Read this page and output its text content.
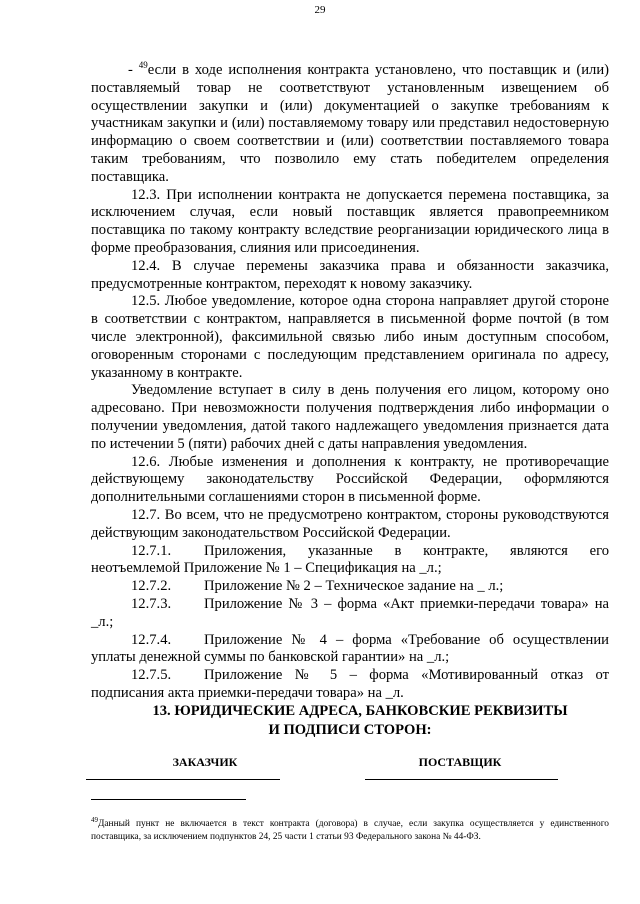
29

- $^{49}$если в ходе исполнения контракта установлено, что поставщик и (или) поставляемый товар не соответствуют установленным извещением об осуществлении закупки и (или) документацией о закупке требованиям к участникам закупки и (или) поставляемому товару или представил недостоверную информацию о своем соответствии и (или) соответствии поставляемого товара таким требованиям, что позволило ему стать победителем определения поставщика.

12.3. При исполнении контракта не допускается перемена поставщика, за исключением случая, если новый поставщик является правопреемником поставщика по такому контракту вследствие реорганизации юридического лица в форме преобразования, слияния или присоединения.

12.4. В случае перемены заказчика права и обязанности заказчика, предусмотренные контрактом, переходят к новому заказчику.

12.5. Любое уведомление, которое одна сторона направляет другой стороне в соответствии с контрактом, направляется в письменной форме почтой (в том числе электронной), факсимильной связью либо иным доступным способом, оговоренным сторонами с последующим представлением оригинала по адресу, указанному в контракте.

Уведомление вступает в силу в день получения его лицом, которому оно адресовано. При невозможности получения подтверждения либо информации о получении уведомления, датой такого надлежащего уведомления признается дата по истечении 5 (пяти) рабочих дней с даты направления уведомления.

12.6. Любые изменения и дополнения к контракту, не противоречащие действующему законодательству Российской Федерации, оформляются дополнительными соглашениями сторон в письменной форме.

12.7. Во всем, что не предусмотрено контрактом, стороны руководствуются действующим законодательством Российской Федерации.

12.7.1.	Приложения, указанные в контракте, являются его
неотъемлемой Приложение № 1 – Спецификация на _л.;
12.7.2.	Приложение № 2 – Техническое задание на _ л.;
12.7.3.	Приложение № 3 – форма «Акт приемки-передачи товара» на
_л.;
12.7.4.	Приложение № 4 – форма «Требование об осуществлении
уплаты денежной суммы по банковской гарантии» на _л.;
12.7.5.	Приложение № 5 – форма «Мотивированный отказ от
подписания акта приемки-передачи товара» на _л.
13. ЮРИДИЧЕСКИЕ АДРЕСА, БАНКОВСКИЕ РЕКВИЗИТЫ
И ПОДПИСИ СТОРОН:
ЗАКАЗЧИК	ПОСТАВЩИК
$^{49}$Данный пункт не включается в текст контракта (договора) в случае, если закупка осуществляется у единственного поставщика, за исключением подпунктов 24, 25 части 1 статьи 93 Федерального закона № 44-ФЗ.
